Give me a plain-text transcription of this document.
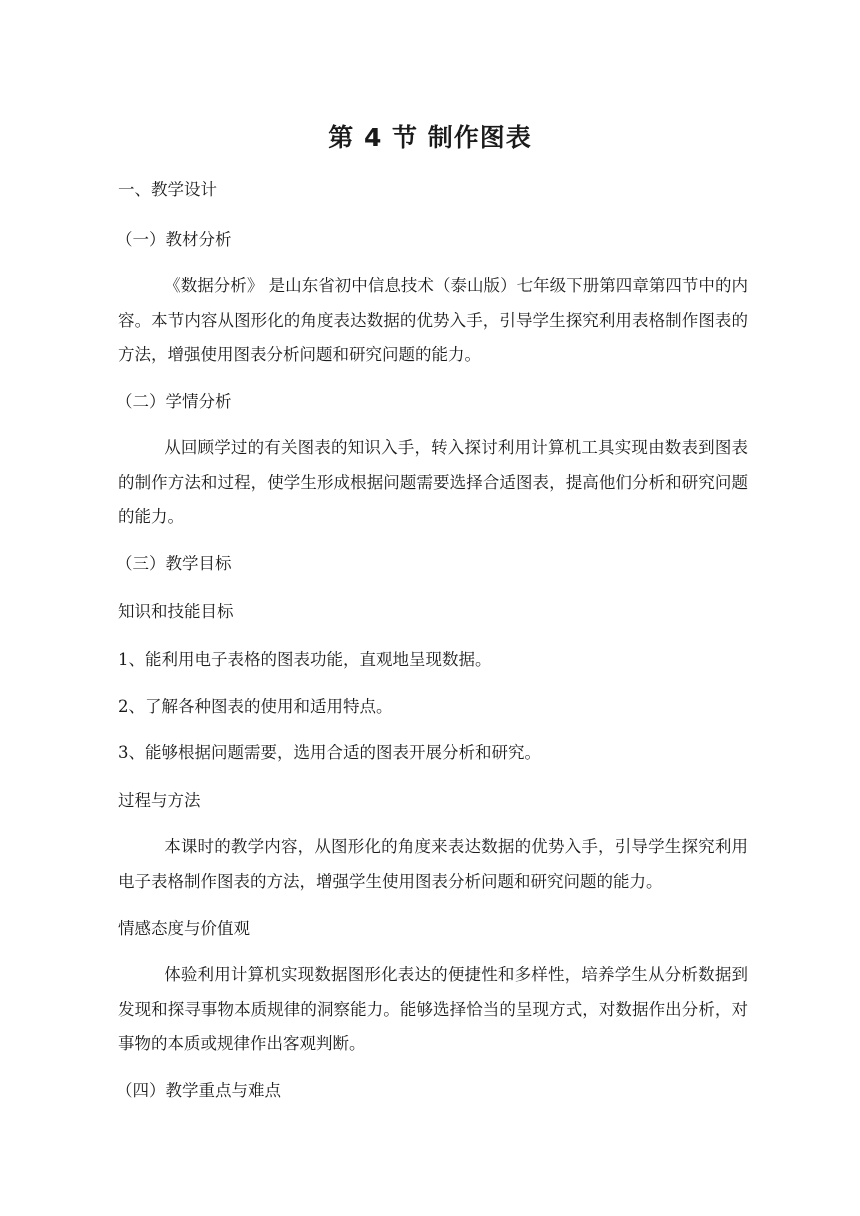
第 4 节 制作图表
一、教学设计
（一）教材分析

《数据分析》 是山东省初中信息技术（泰山版）七年级下册第四章第四节中的内容。本节内容从图形化的角度表达数据的优势入手，引导学生探究利用表格制作图表的方法，增强使用图表分析问题和研究问题的能力。

（二）学情分析

从回顾学过的有关图表的知识入手，转入探讨利用计算机工具实现由数表到图表的制作方法和过程，使学生形成根据问题需要选择合适图表，提高他们分析和研究问题的能力。

（三）教学目标
知识和技能目标
1、能利用电子表格的图表功能，直观地呈现数据。
2、了解各种图表的使用和适用特点。
3、能够根据问题需要，选用合适的图表开展分析和研究。
过程与方法

本课时的教学内容，从图形化的角度来表达数据的优势入手，引导学生探究利用电子表格制作图表的方法，增强学生使用图表分析问题和研究问题的能力。

情感态度与价值观

体验利用计算机实现数据图形化表达的便捷性和多样性，培养学生从分析数据到发现和探寻事物本质规律的洞察能力。能够选择恰当的呈现方式，对数据作出分析，对事物的本质或规律作出客观判断。

（四）教学重点与难点
